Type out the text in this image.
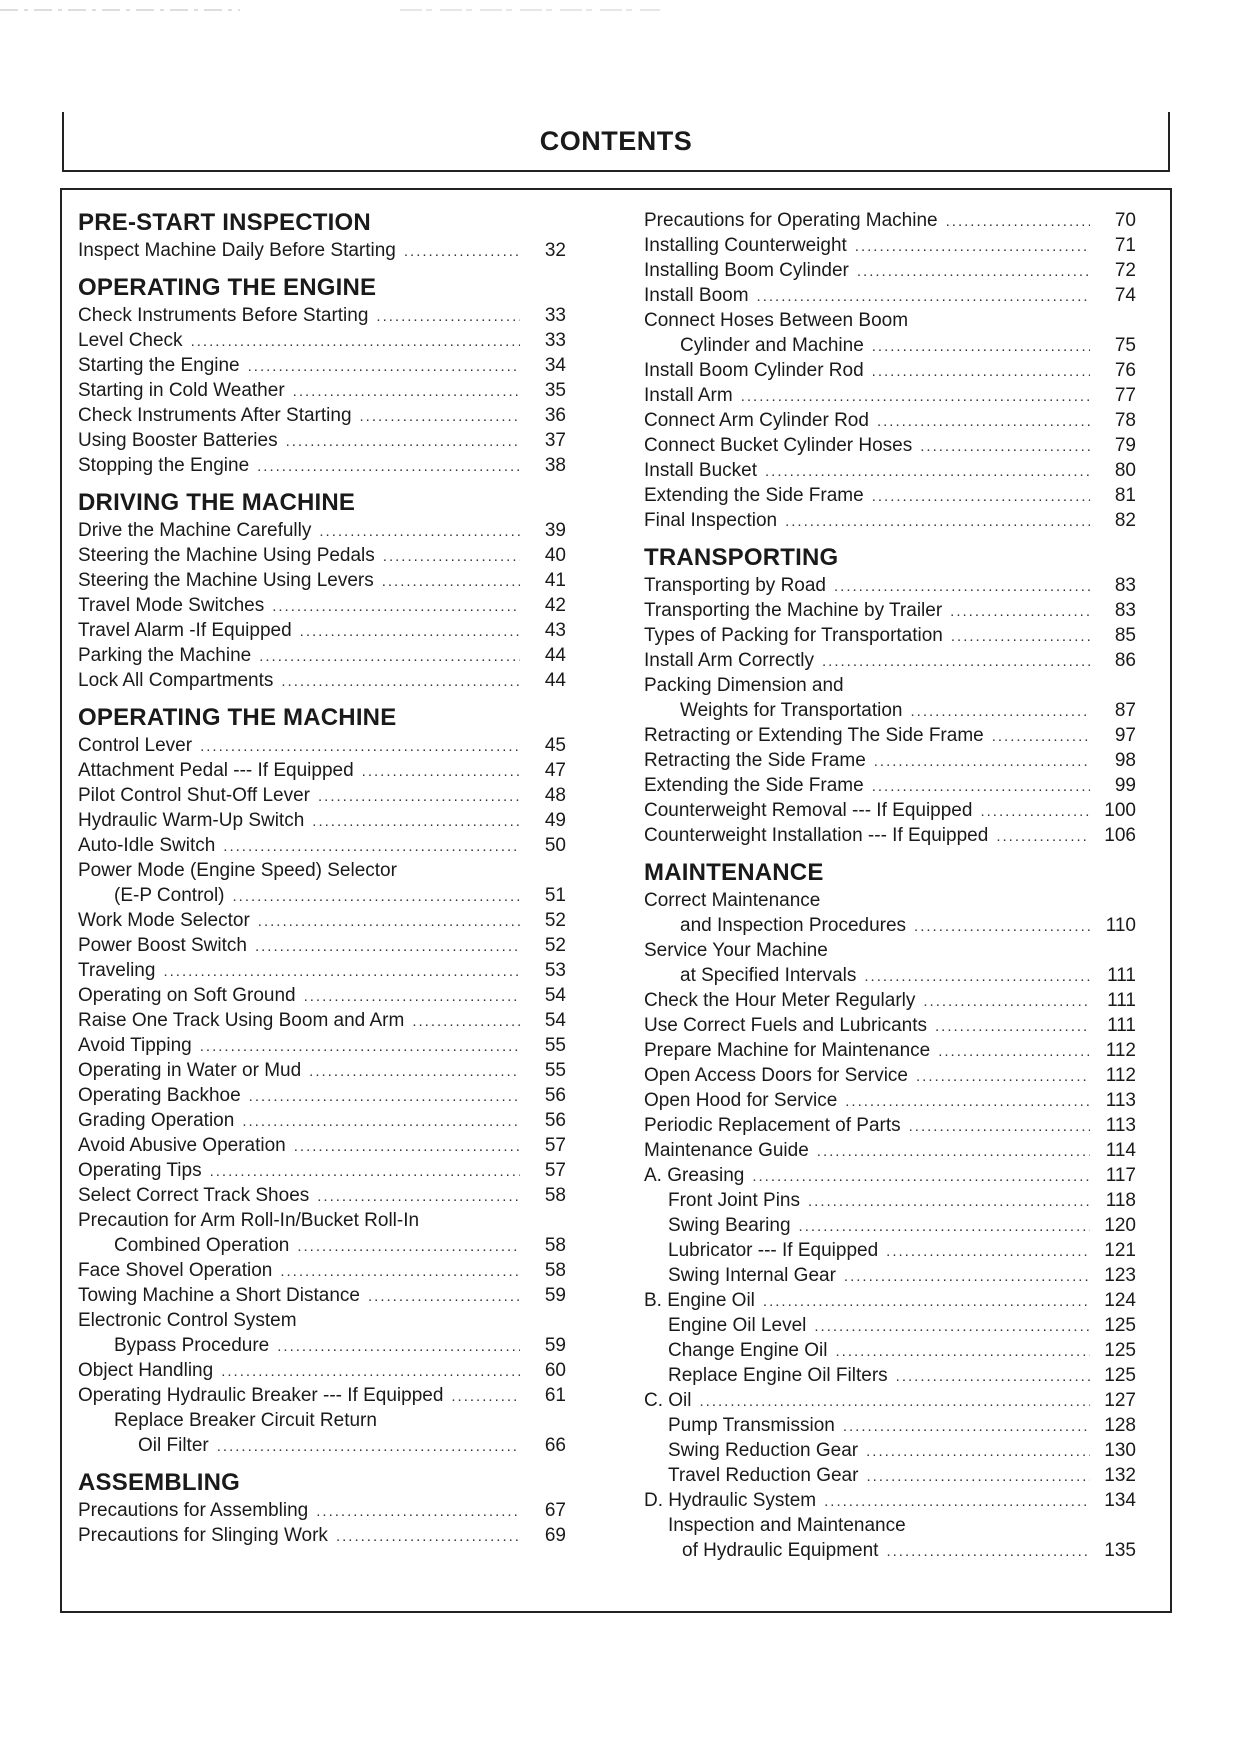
CONTENTS
PRE-START INSPECTION
Inspect Machine Daily Before Starting .....	32
OPERATING THE ENGINE
Check Instruments Before Starting .....	33
Level Check .....	33
Starting the Engine .....	34
Starting in Cold Weather .....	35
Check Instruments After Starting .....	36
Using Booster Batteries .....	37
Stopping the Engine .....	38
DRIVING THE MACHINE
Drive the Machine Carefully .....	39
Steering the Machine Using Pedals .....	40
Steering the Machine Using Levers .....	41
Travel Mode Switches .....	42
Travel Alarm -If Equipped .....	43
Parking the Machine .....	44
Lock All Compartments .....	44
OPERATING THE MACHINE
Control Lever .....	45
Attachment Pedal --- If Equipped .....	47
Pilot Control Shut-Off Lever .....	48
Hydraulic Warm-Up Switch .....	49
Auto-Idle Switch .....	50
Power Mode (Engine Speed) Selector
(E-P Control) .....	51
Work Mode Selector .....	52
Power Boost Switch .....	52
Traveling .....	53
Operating on Soft Ground .....	54
Raise One Track Using Boom and Arm .....	54
Avoid Tipping .....	55
Operating in Water or Mud .....	55
Operating Backhoe .....	56
Grading Operation .....	56
Avoid Abusive Operation .....	57
Operating Tips .....	57
Select Correct Track Shoes .....	58
Precaution for Arm Roll-In/Bucket Roll-In
Combined Operation .....	58
Face Shovel Operation .....	58
Towing Machine a Short Distance .....	59
Electronic Control System
Bypass Procedure .....	59
Object Handling .....	60
Operating Hydraulic Breaker --- If Equipped .....	61
Replace Breaker Circuit Return
Oil Filter .....	66
ASSEMBLING
Precautions for Assembling .....	67
Precautions for Slinging Work .....	69
Precautions for Operating Machine .....	70
Installing Counterweight .....	71
Installing Boom Cylinder .....	72
Install Boom .....	74
Connect Hoses Between Boom
Cylinder and Machine .....	75
Install Boom Cylinder Rod .....	76
Install Arm .....	77
Connect Arm Cylinder Rod .....	78
Connect Bucket Cylinder Hoses .....	79
Install Bucket .....	80
Extending the Side Frame .....	81
Final Inspection .....	82
TRANSPORTING
Transporting by Road .....	83
Transporting the Machine by Trailer .....	83
Types of Packing for Transportation .....	85
Install Arm Correctly .....	86
Packing Dimension and
Weights for Transportation .....	87
Retracting or Extending The Side Frame .....	97
Retracting the Side Frame .....	98
Extending the Side Frame .....	99
Counterweight Removal --- If Equipped .....	100
Counterweight Installation --- If Equipped .....	106
MAINTENANCE
Correct Maintenance
and Inspection Procedures .....	110
Service Your Machine
at Specified Intervals .....	111
Check the Hour Meter Regularly .....	111
Use Correct Fuels and Lubricants .....	111
Prepare Machine for Maintenance .....	112
Open Access Doors for Service .....	112
Open Hood for Service .....	113
Periodic Replacement of Parts .....	113
Maintenance Guide .....	114
A. Greasing .....	117
Front Joint Pins .....	118
Swing Bearing .....	120
Lubricator --- If Equipped .....	121
Swing Internal Gear .....	123
B. Engine Oil .....	124
Engine Oil Level .....	125
Change Engine Oil .....	125
Replace Engine Oil Filters .....	125
C. Oil .....	127
Pump Transmission .....	128
Swing Reduction Gear .....	130
Travel Reduction Gear .....	132
D. Hydraulic System .....	134
Inspection and Maintenance
of Hydraulic Equipment .....	135
